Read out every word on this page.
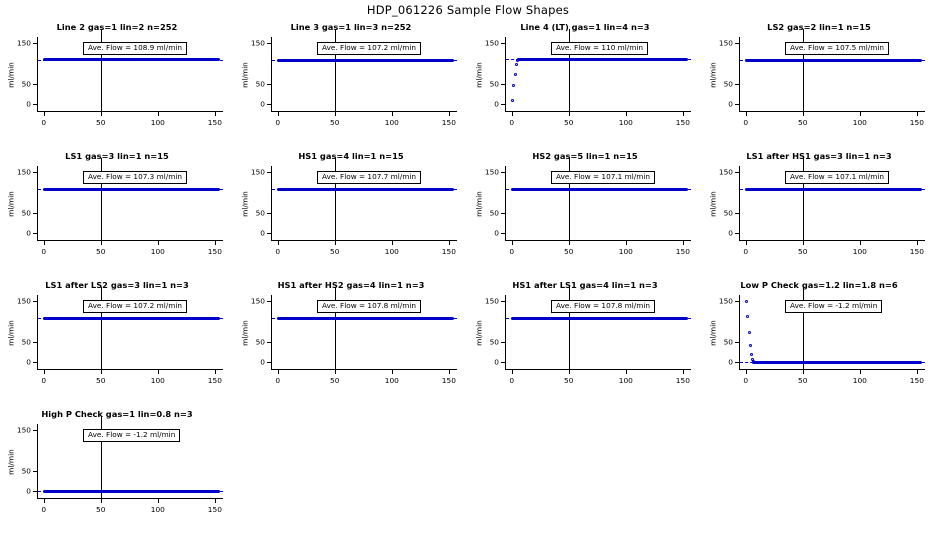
HDP_061226 Sample Flow Shapes
Line 2 gas=1 lin=2 n=252
ml/min
0
50
150
0	50	100	150
Ave. Flow = 108.9 ml/min
Line 3 gas=1 lin=3 n=252
ml/min
0
50
150
0	50	100	150
Ave. Flow = 107.2 ml/min
Line 4 (LT) gas=1 lin=4 n=3
ml/min
0
50
150
0	50	100	150
Ave. Flow = 110 ml/min
LS2 gas=2 lin=1 n=15
ml/min
0
50
150
0	50	100	150
Ave. Flow = 107.5 ml/min
LS1 gas=3 lin=1 n=15
ml/min
0
50
150
0	50	100	150
Ave. Flow = 107.3 ml/min
HS1 gas=4 lin=1 n=15
ml/min
0
50
150
0	50	100	150
Ave. Flow = 107.7 ml/min
HS2 gas=5 lin=1 n=15
ml/min
0
50
150
0	50	100	150
Ave. Flow = 107.1 ml/min
LS1 after HS1 gas=3 lin=1 n=3
ml/min
0
50
150
0	50	100	150
Ave. Flow = 107.1 ml/min
LS1 after LS2 gas=3 lin=1 n=3
ml/min
0
50
150
0	50	100	150
Ave. Flow = 107.2 ml/min
HS1 after HS2 gas=4 lin=1 n=3
ml/min
0
50
150
0	50	100	150
Ave. Flow = 107.8 ml/min
HS1 after LS1 gas=4 lin=1 n=3
ml/min
0
50
150
0	50	100	150
Ave. Flow = 107.8 ml/min
Low P Check gas=1.2 lin=1.8 n=6
ml/min
0
50
150
0	50	100	150
Ave. Flow = -1.2 ml/min
High P Check gas=1 lin=0.8 n=3
ml/min
0
50
150
0	50	100	150
Ave. Flow = -1.2 ml/min
